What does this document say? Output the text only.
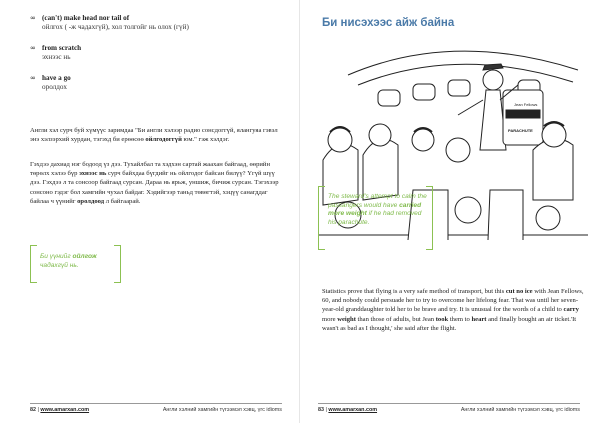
∞ (can't) make head nor tail of
ойлгох ( -ж чадахгүй), хол толгойг нь олох (гүй)
∞ from scratch
эхнээс нь
∞ have a go
оролдох
Англи хэл сурч буй хүмүүс заримдаа "Би англи хэлээр радио сонсдоггүй, ялангуяа гэвэл энэ хэлзэрхий хурдан, тэгэхд би ерөөсөө ойлгодоггүй юм." гэж хэлдэг.
Гэхдээ дахиад нэг бодоод үз дээ. Тухайлбал та хэдхэн сартай жаахан байгаад, өөрийн төрөлх хэлээ бүр эхнээс нь сурч байхдаа бүгдийг нь ойлгодог байсан билүү? Үгүй шүү дээ. Гэхдээ л та сонсоор байгаад сурсан. Дараа нь ярьж, уншиж, бичиж сурсан. Тэгэхээр сонсоно гэдэг бол хамгийн чухал байдаг. Хэдийгээр таньд төвөгтэй, хэцүү санагддаг байлаа ч үүнийг оролдоод л байгаарай.
Би үүнийг ойлгож чадахгүй нь.
82 | www.amarxan.com	Англи хэлний хамгийн түгээмэл хэвц, үгс idioms
Би нисэхээс айж байна
Jean Fellows
PARACHUTE
The steward's attempt to calm the passangers would have carried more weight if he had removed his parachute.
Statistics prove that flying is a very safe method of transport, but this cut no ice with Jean Fellows, 60, and nobody could persuade her to try to overcome her lifelong fear. That was until her seven-year-old granddaughter told her to be brave and try. It is unusual for the words of a child to carry more weight than those of adults, but Jean took them to heart and finally bought an air ticket.'It wasn't as bad as I thought,' she said after the flight.
83 | www.amarxan.com	Англи хэлний хамгийн түгээмэл хэвц, үгс idioms
